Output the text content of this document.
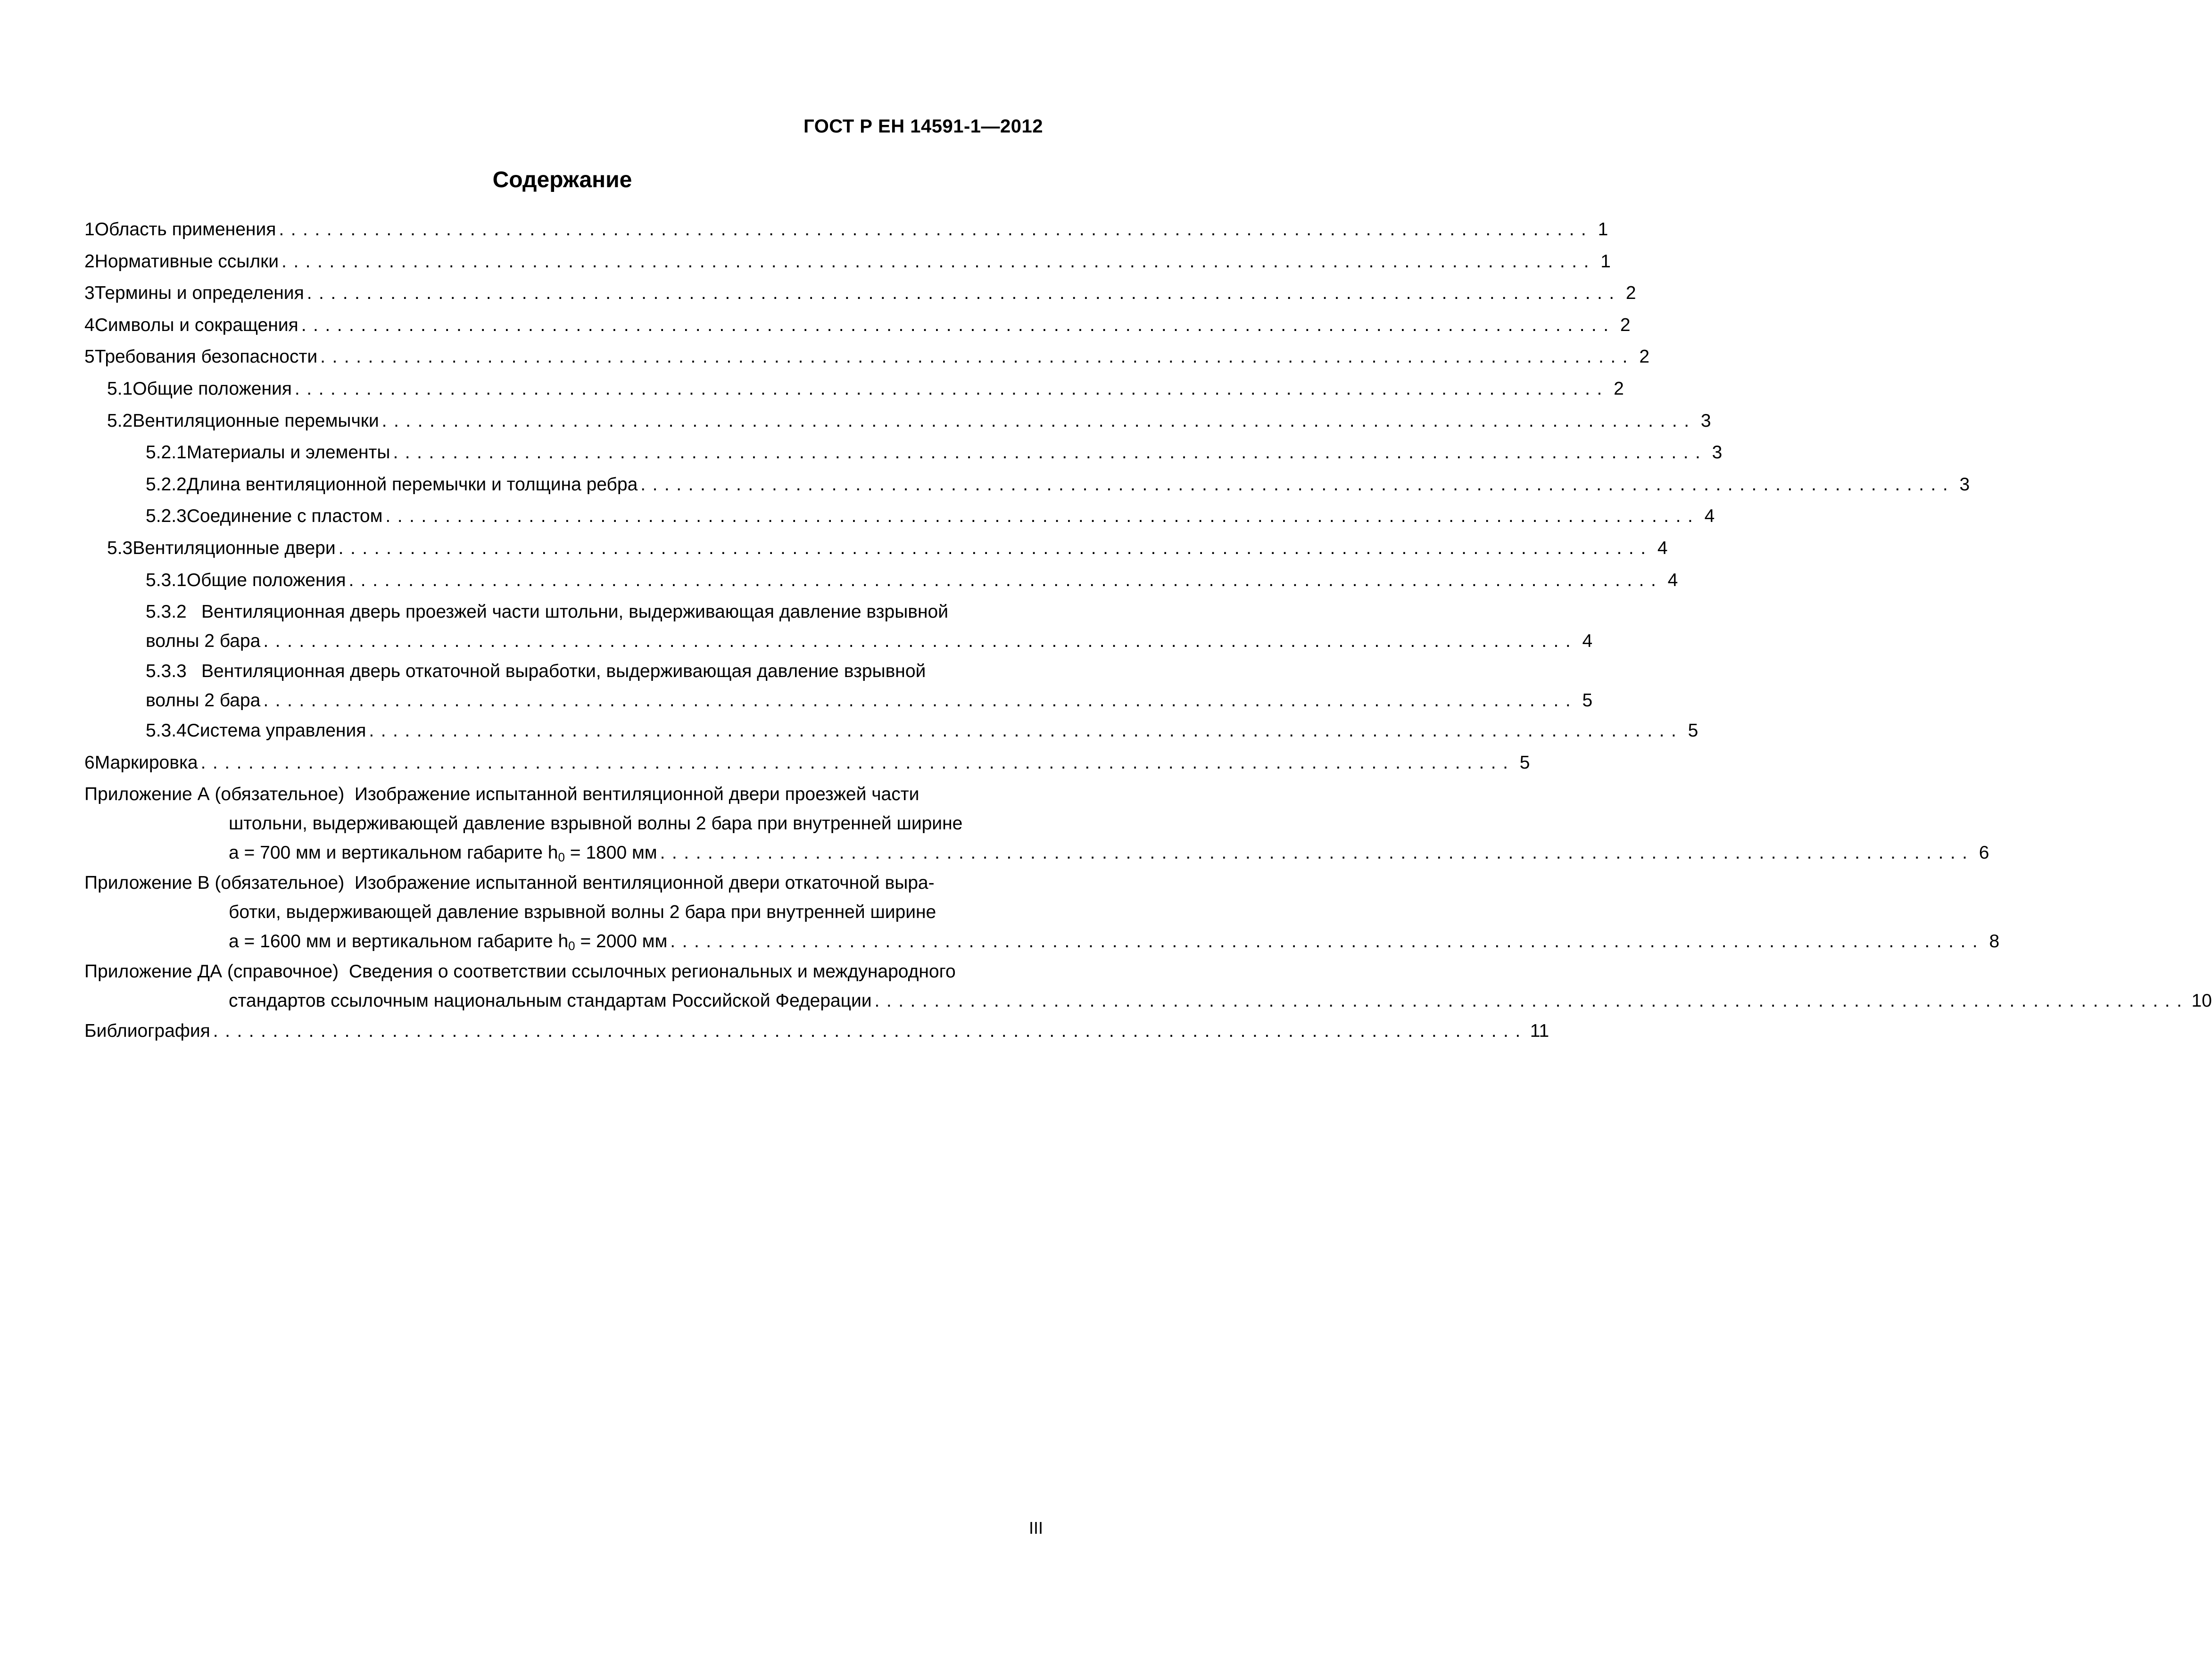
ГОСТ Р ЕН 14591-1—2012
Содержание
1 Область применения .............................................................................................................. 1
2 Нормативные ссылки .............................................................................................................. 1
3 Термины и определения .............................................................................................................. 2
4 Символы и сокращения .............................................................................................................. 2
5 Требования безопасности .............................................................................................................. 2
5.1 Общие положения .............................................................................................................. 2
5.2 Вентиляционные перемычки .............................................................................................................. 3
5.2.1 Материалы и элементы .............................................................................................................. 3
5.2.2 Длина вентиляционной перемычки и толщина ребра .............................................................................................................. 3
5.2.3 Соединение с пластом .............................................................................................................. 4
5.3 Вентиляционные двери .............................................................................................................. 4
5.3.1 Общие положения .............................................................................................................. 4
5.3.2 Вентиляционная дверь проезжей части штольни, выдерживающая давление взрывной
волны 2 бара .............................................................................................................. 4
5.3.3 Вентиляционная дверь откаточной выработки, выдерживающая давление взрывной
волны 2 бара .............................................................................................................. 5
5.3.4 Система управления .............................................................................................................. 5
6 Маркировка .............................................................................................................. 5
Приложение А (обязательное) Изображение испытанной вентиляционной двери проезжей части
штольни, выдерживающей давление взрывной волны 2 бара при внутренней ширине
а = 700 мм и вертикальном габарите $h_0 = 1800$ мм .............................................................................................................. 6
Приложение В (обязательное) Изображение испытанной вентиляционной двери откаточной выра-
ботки, выдерживающей давление взрывной волны 2 бара при внутренней ширине
а = 1600 мм и вертикальном габарите $h_0 = 2000$ мм .............................................................................................................. 8
Приложение ДА (справочное) Сведения о соответствии ссылочных региональных и международного
стандартов ссылочным национальным стандартам Российской Федерации .............................................................................................................. 10
Библиография .............................................................................................................. 11
III
